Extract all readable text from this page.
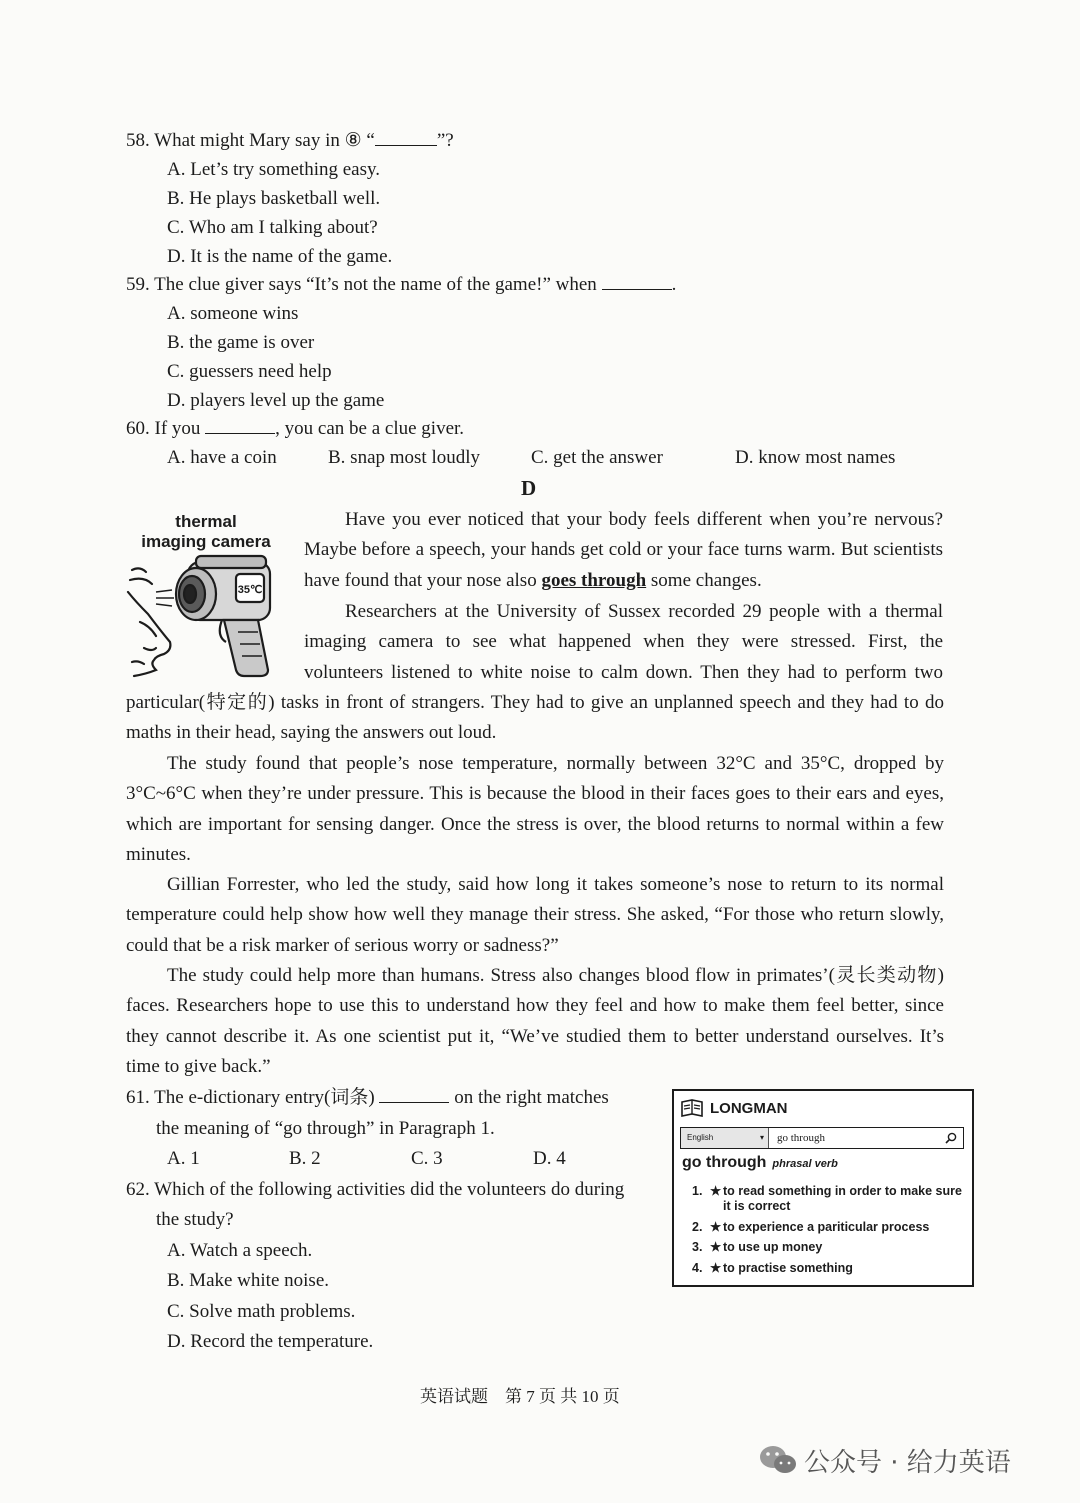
58. What might Mary say in ⑧ “	”?
A. Let’s try something easy.
B. He plays basketball well.
C. Who am I talking about?
D. It is the name of the game.
59. The clue giver says “It’s not the name of the game!” when	.
A. someone wins
B. the game is over
C. guessers need help
D. players level up the game
60. If you	, you can be a clue giver.
A. have a coin	B. snap most loudly	C. get the answer	D. know most names
D
thermal
imaging camera
35℃

Have you ever noticed that your body feels different when you’re nervous? Maybe before a speech, your hands get cold or your face turns warm. But scientists have found that your nose also goes through some changes.

Researchers at the University of Sussex recorded 29 people with a thermal imaging camera to see what happened when they were stressed. First, the volunteers listened to white noise to calm down. Then they had to perform two

particular(特定的) tasks in front of strangers. They had to give an unplanned speech and they had to do maths in their head, saying the answers out loud.

The study found that people’s nose temperature, normally between 32°C and 35°C, dropped by 3°C~6°C when they’re under pressure. This is because the blood in their faces goes to their ears and eyes, which are important for sensing danger. Once the stress is over, the blood returns to normal within a few minutes.

Gillian Forrester, who led the study, said how long it takes someone’s nose to return to its normal temperature could help show how well they manage their stress. She asked, “For those who return slowly, could that be a risk marker of serious worry or sadness?”

The study could help more than humans. Stress also changes blood flow in primates’(灵长类动物) faces. Researchers hope to use this to understand how they feel and how to make them feel better, since they cannot describe it. As one scientist put it, “We’ve studied them to better understand ourselves. It’s time to give back.”

61. The e-dictionary entry(词条)	on the right matches
the meaning of “go through” in Paragraph 1.
A. 1	B. 2	C. 3	D. 4
62. Which of the following activities did the volunteers do during
the study?
A. Watch a speech.
B. Make white noise.
C. Solve math problems.
D. Record the temperature.
LONGMAN
English	▾ go through
go through phrasal verb
1. ★ to read something in order to make sure it is correct
2. ★ to experience a pariticular process
3. ★ to use up money
4. ★ to practise something
英语试题　第 7 页 共 10 页
公众号 · 给力英语
